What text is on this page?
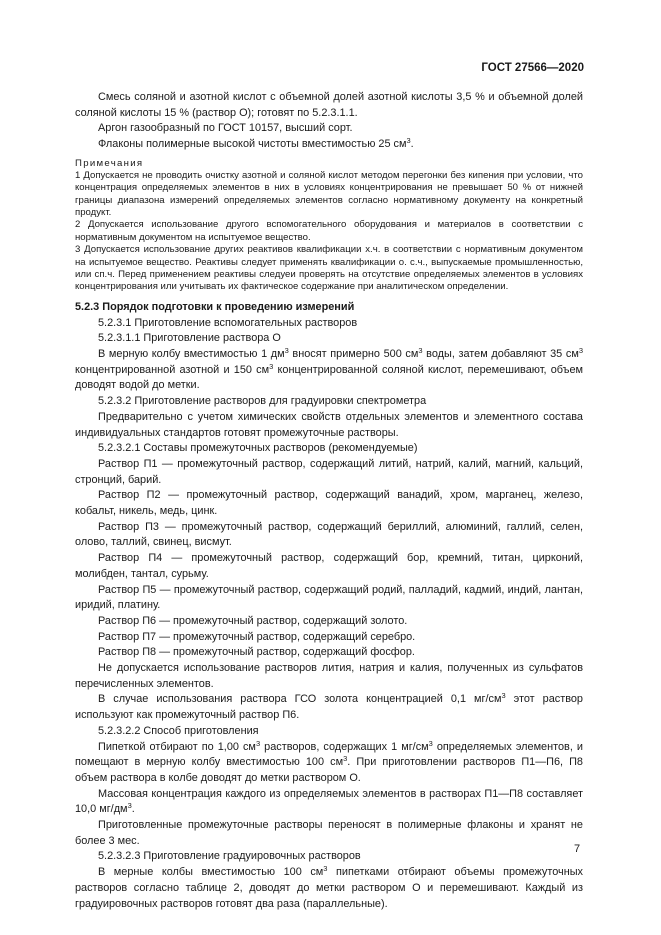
ГОСТ 27566—2020

Смесь соляной и азотной кислот с объемной долей азотной кислоты 3,5 % и объемной долей соляной кислоты 15 % (раствор О); готовят по 5.2.3.1.1.

Аргон газообразный по ГОСТ 10157, высший сорт.

Флаконы полимерные высокой чистоты вместимостью 25 $см^3$.

Примечания

1 Допускается не проводить очистку азотной и соляной кислот методом перегонки без кипения при условии, что концентрация определяемых элементов в них в условиях концентрирования не превышает 50 % от нижней границы диапазона измерений определяемых элементов согласно нормативному документу на конкретный продукт.

2 Допускается использование другого вспомогательного оборудования и материалов в соответствии с нормативным документом на испытуемое вещество.

3 Допускается использование других реактивов квалификации х.ч. в соответствии с нормативным документом на испытуемое вещество. Реактивы следует применять квалификации о. с.ч., выпускаемые промышленностью, или сп.ч. Перед применением реактивы следуеи проверять на отсутствие определяемых элементов в условиях концентрирования или учитывать их фактическое содержание при аналитическом определении.

5.2.3 Порядок подготовки к проведению измерений

5.2.3.1 Приготовление вспомогательных растворов

5.2.3.1.1 Приготовление раствора О

В мерную колбу вместимостью 1 $дм^3$ вносят примерно 500 $см^3$ воды, затем добавляют 35 $см^3$ концентрированной азотной и 150 $см^3$ концентрированной соляной кислот, перемешивают, объем доводят водой до метки.

5.2.3.2 Приготовление растворов для градуировки спектрометра

Предварительно с учетом химических свойств отдельных элементов и элементного состава индивидуальных стандартов готовят промежуточные растворы.

5.2.3.2.1 Составы промежуточных растворов (рекомендуемые)

Раствор П1 — промежуточный раствор, содержащий литий, натрий, калий, магний, кальций, стронций, барий.

Раствор П2 — промежуточный раствор, содержащий ванадий, хром, марганец, железо, кобальт, никель, медь, цинк.

Раствор П3 — промежуточный раствор, содержащий бериллий, алюминий, галлий, селен, олово, таллий, свинец, висмут.

Раствор П4 — промежуточный раствор, содержащий бор, кремний, титан, цирконий, молибден, тантал, сурьму.

Раствор П5 — промежуточный раствор, содержащий родий, палладий, кадмий, индий, лантан, иридий, платину.

Раствор П6 — промежуточный раствор, содержащий золото.

Раствор П7 — промежуточный раствор, содержащий серебро.

Раствор П8 — промежуточный раствор, содержащий фосфор.

Не допускается использование растворов лития, натрия и калия, полученных из сульфатов перечисленных элементов.

В случае использования раствора ГСО золота концентрацией 0,1 $мг/см^3$ этот раствор используют как промежуточный раствор П6.

5.2.3.2.2 Способ приготовления

Пипеткой отбирают по 1,00 $см^3$ растворов, содержащих 1 $мг/см^3$ определяемых элементов, и помещают в мерную колбу вместимостью 100 $см^3$. При приготовлении растворов П1—П6, П8 объем раствора в колбе доводят до метки раствором О.

Массовая концентрация каждого из определяемых элементов в растворах П1—П8 составляет 10,0 $мг/дм^3$.

Приготовленные промежуточные растворы переносят в полимерные флаконы и хранят не более 3 мес.

5.2.3.2.3 Приготовление градуировочных растворов

В мерные колбы вместимостью 100 $см^3$ пипетками отбирают объемы промежуточных растворов согласно таблице 2, доводят до метки раствором О и перемешивают. Каждый из градуировочных растворов готовят два раза (параллельные).

7
